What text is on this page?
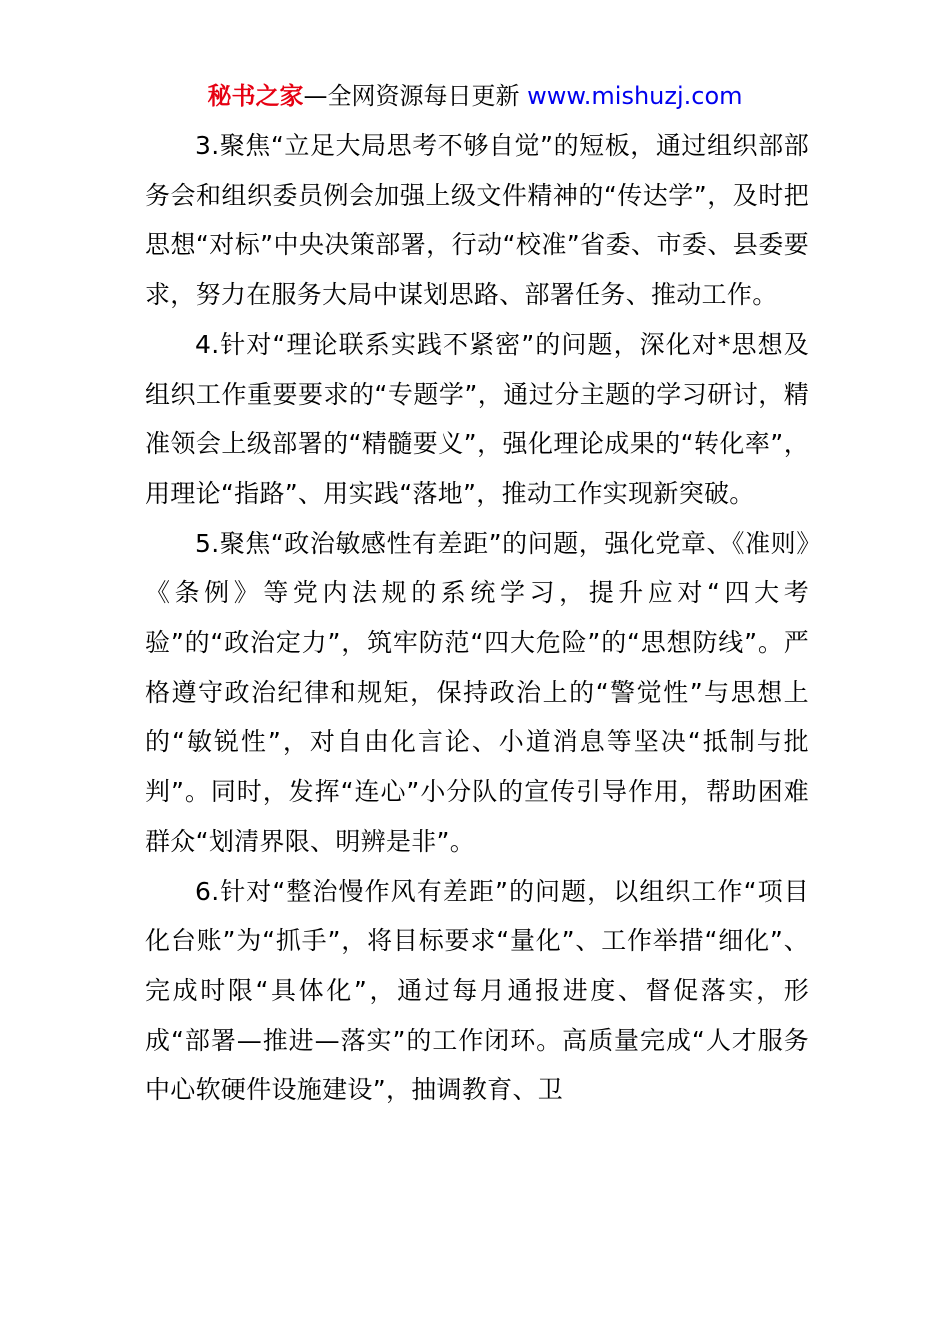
秘书之家—全网资源每日更新 www.mishuzj.com

3.聚焦“立足大局思考不够自觉”的短板，通过组织部部务会和组织委员例会加强上级文件精神的“传达学”，及时把思想“对标”中央决策部署，行动“校准”省委、市委、县委要求，努力在服务大局中谋划思路、部署任务、推动工作。

4.针对“理论联系实践不紧密”的问题，深化对*思想及组织工作重要要求的“专题学”，通过分主题的学习研讨，精准领会上级部署的“精髓要义”，强化理论成果的“转化率”，用理论“指路”、用实践“落地”，推动工作实现新突破。

5.聚焦“政治敏感性有差距”的问题，强化党章、《准则》《条例》等党内法规的系统学习，提升应对“四大考验”的“政治定力”，筑牢防范“四大危险”的“思想防线”。严格遵守政治纪律和规矩，保持政治上的“警觉性”与思想上的“敏锐性”，对自由化言论、小道消息等坚决“抵制与批判”。同时，发挥“连心”小分队的宣传引导作用，帮助困难群众“划清界限、明辨是非”。

6.针对“整治慢作风有差距”的问题，以组织工作“项目化台账”为“抓手”，将目标要求“量化”、工作举措“细化”、完成时限“具体化”，通过每月通报进度、督促落实，形成“部署—推进—落实”的工作闭环。高质量完成“人才服务中心软硬件设施建设”，抽调教育、卫
